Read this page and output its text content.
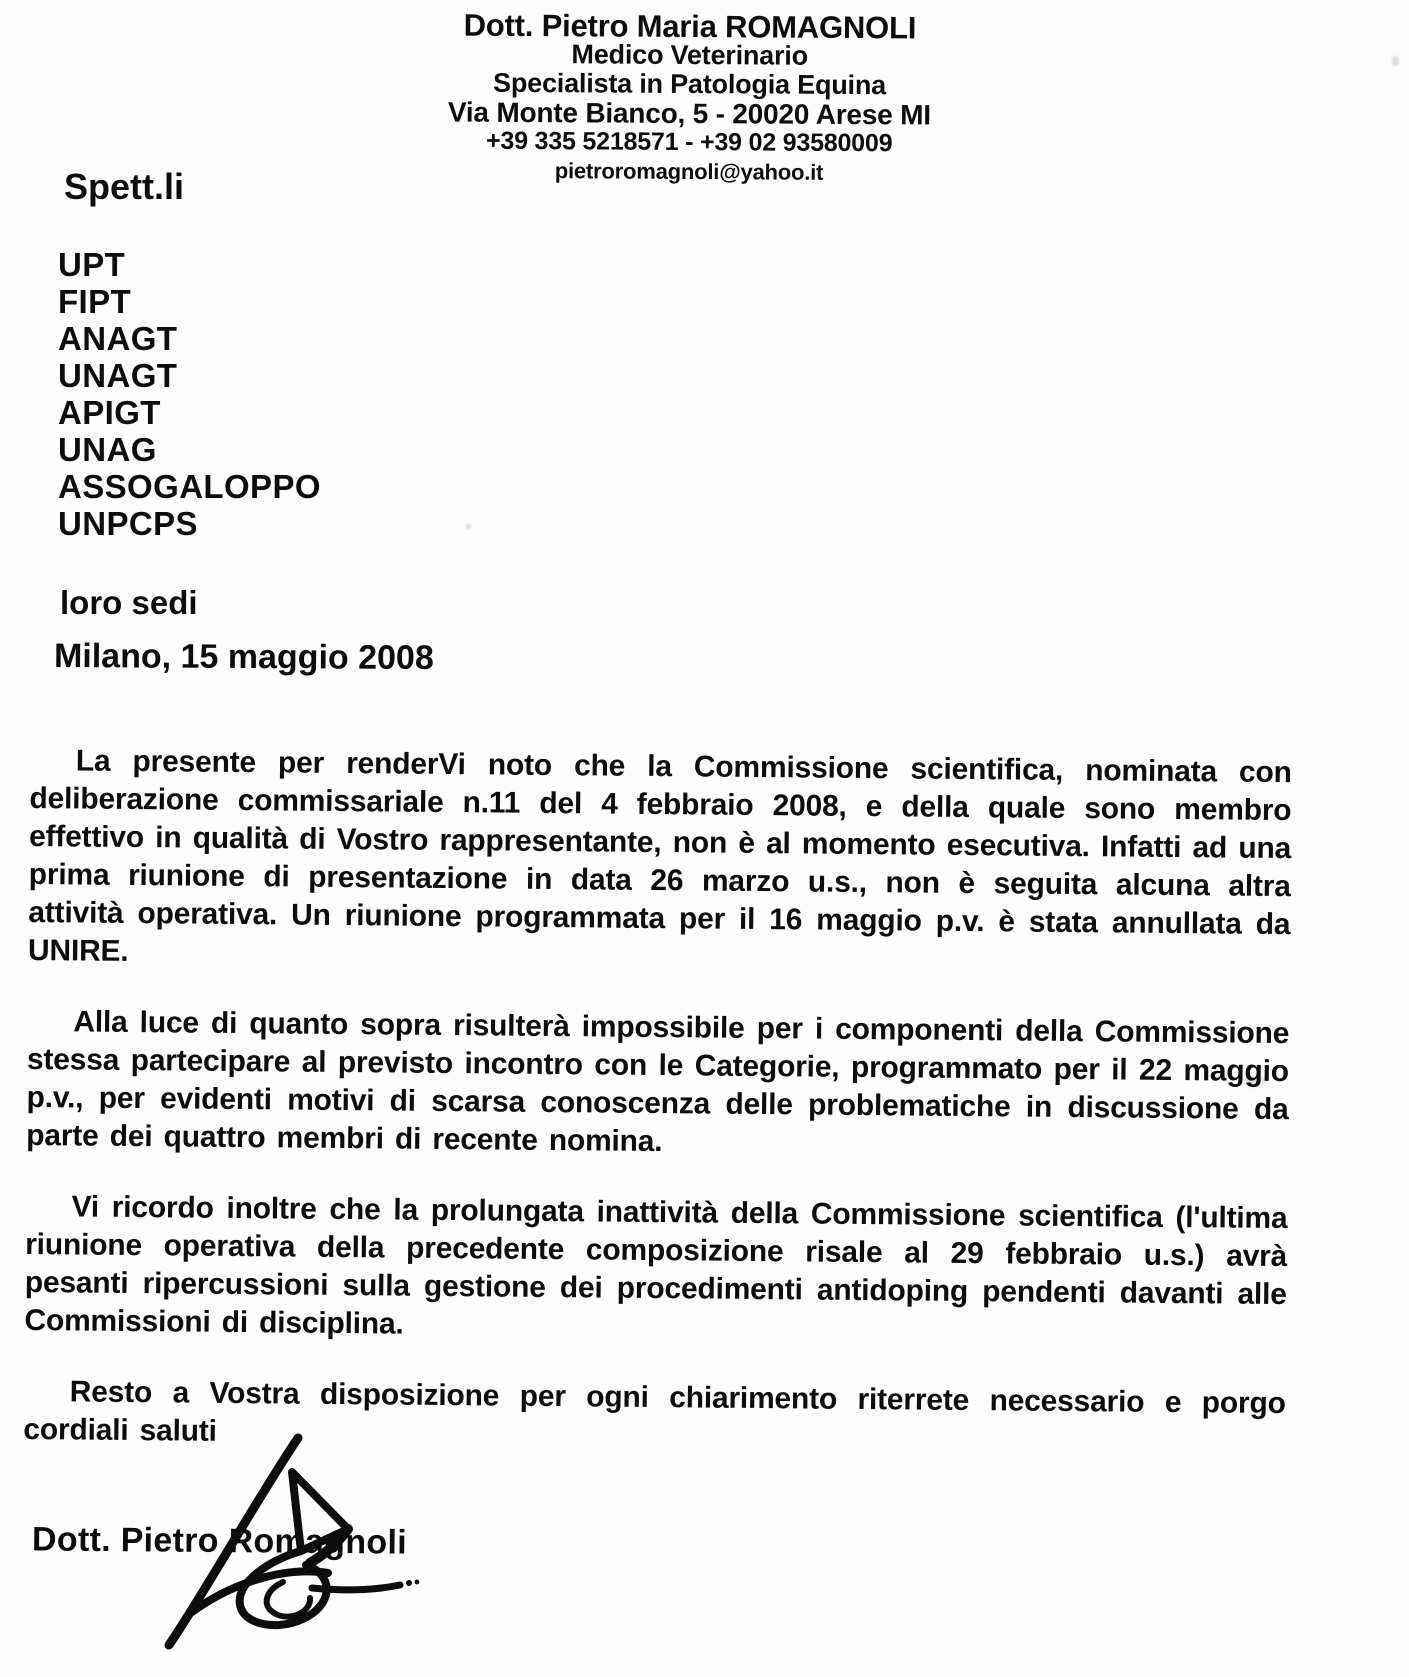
Dott. Pietro Maria ROMAGNOLI
Medico Veterinario
Specialista in Patologia Equina
Via Monte Bianco, 5 - 20020 Arese MI
+39 335 5218571 - +39 02 93580009
pietroromagnoli@yahoo.it
Spett.li
UPT
FIPT
ANAGT
UNAGT
APIGT
UNAG
ASSOGALOPPO
UNPCPS
loro sedi
Milano, 15 maggio 2008

La presente per renderVi noto che la Commissione scientifica, nominata con deliberazione commissariale n.11 del 4 febbraio 2008, e della quale sono membro effettivo in qualità di Vostro rappresentante, non è al momento esecutiva. Infatti ad una prima riunione di presentazione in data 26 marzo u.s., non è seguita alcuna altra attività operativa. Un riunione programmata per il 16 maggio p.v. è stata annullata da UNIRE.

Alla luce di quanto sopra risulterà impossibile per i componenti della Commissione stessa partecipare al previsto incontro con le Categorie, programmato per il 22 maggio p.v., per evidenti motivi di scarsa conoscenza delle problematiche in discussione da parte dei quattro membri di recente nomina.

Vi ricordo inoltre che la prolungata inattività della Commissione scientifica (l'ultima riunione operativa della precedente composizione risale al 29 febbraio u.s.) avrà pesanti ripercussioni sulla gestione dei procedimenti antidoping pendenti davanti alle Commissioni di disciplina.

Resto a Vostra disposizione per ogni chiarimento riterrete necessario e porgo cordiali saluti

Dott. Pietro Romagnoli
